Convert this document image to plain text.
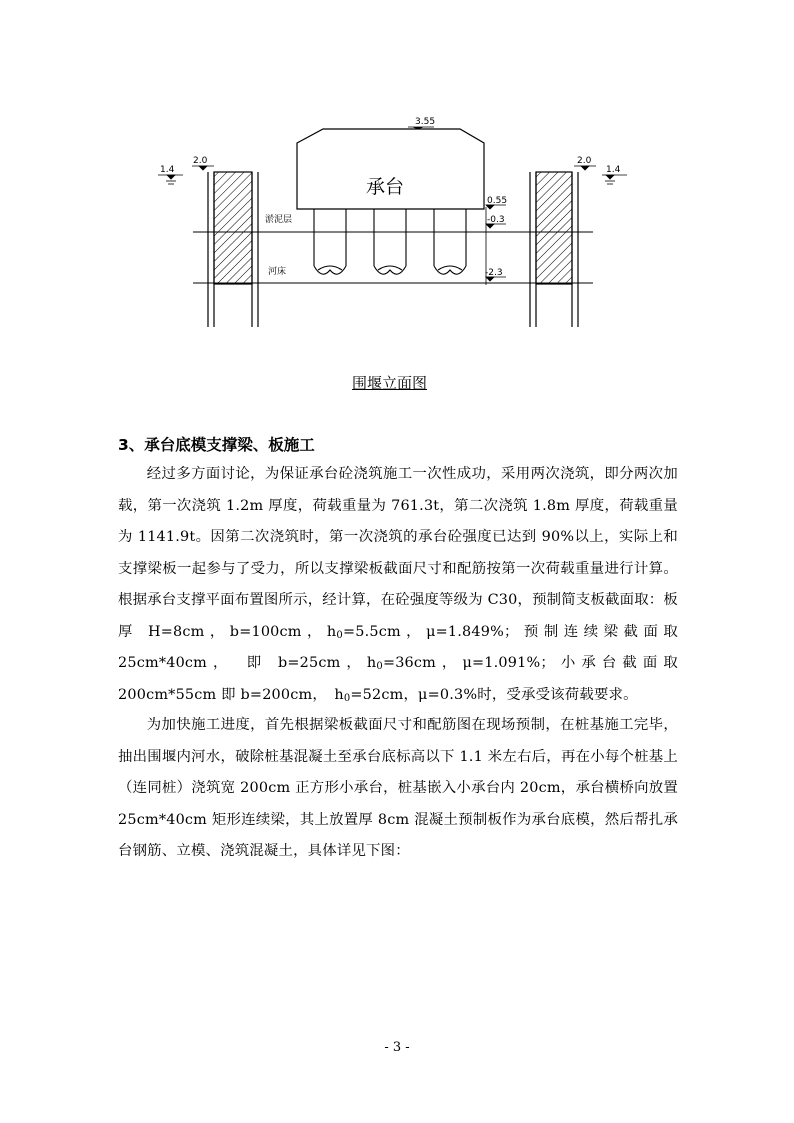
承台
3.55
淤泥层
河床
1.4
2.0	2.0
1.4
0.55
-0.3
-2.3
围堰立面图
3、承台底模支撑梁、板施工

经过多方面讨论，为保证承台砼浇筑施工一次性成功，采用两次浇筑，即分两次加载，第一次浇筑 1.2m 厚度，荷载重量为 761.3t，第二次浇筑 1.8m 厚度，荷载重量为 1141.9t。因第二次浇筑时，第一次浇筑的承台砼强度已达到 90%以上，实际上和支撑梁板一起参与了受力，所以支撑梁板截面尺寸和配筋按第一次荷载重量进行计算。根据承台支撑平面布置图所示，经计算，在砼强度等级为 C30，预制简支板截面取：板厚 H=8cm，b=100cm，$h_0=5.5cm$，μ=1.849%；预制连续梁截面取 25cm*40cm，　即 b=25cm，$h_0=36cm$，μ=1.091%；小承台截面取 200cm*55cm 即 b=200cm，　$h_0=52cm$，μ=0.3%时，受承受该荷载要求。

为加快施工进度，首先根据梁板截面尺寸和配筋图在现场预制，在桩基施工完毕，抽出围堰内河水，破除桩基混凝土至承台底标高以下 1.1 米左右后，再在小每个桩基上（连同桩）浇筑宽 200cm 正方形小承台，桩基嵌入小承台内 20cm，承台横桥向放置 25cm*40cm 矩形连续梁，其上放置厚 8cm 混凝土预制板作为承台底模，然后帮扎承台钢筋、立模、浇筑混凝土，具体详见下图：

- 3 -
